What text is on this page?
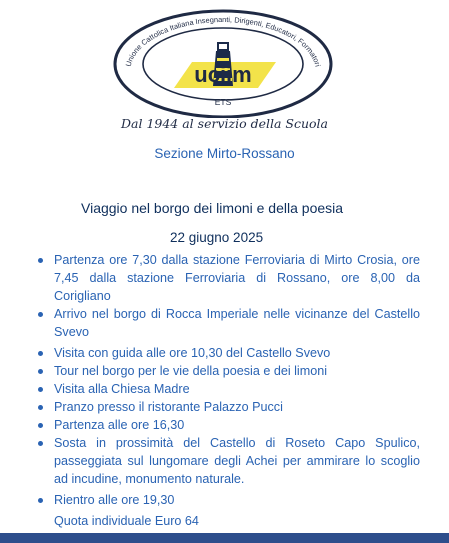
Unione Cattolica Italiana Insegnanti, Dirigenti, Educatori, Formatori
uciim
ETS
Dal 1944 al servizio della Scuola
Sezione Mirto-Rossano
Viaggio nel borgo dei limoni e della poesia
22 giugno 2025
Partenza ore 7,30 dalla stazione Ferroviaria di Mirto Crosia, ore 7,45 dalla stazione Ferroviaria di Rossano, ore 8,00 da Corigliano
Arrivo nel borgo di Rocca Imperiale nelle vicinanze del Castello Svevo
Visita con guida alle ore 10,30 del Castello Svevo
Tour nel borgo per le vie della poesia e dei limoni
Visita alla Chiesa Madre
Pranzo presso il ristorante Palazzo Pucci
Partenza alle ore 16,30
Sosta in prossimità del Castello di Roseto Capo Spulico, passeggiata sul lungomare degli Achei per ammirare lo scoglio ad incudine, monumento naturale.
Rientro alle ore 19,30
Quota individuale Euro 64
